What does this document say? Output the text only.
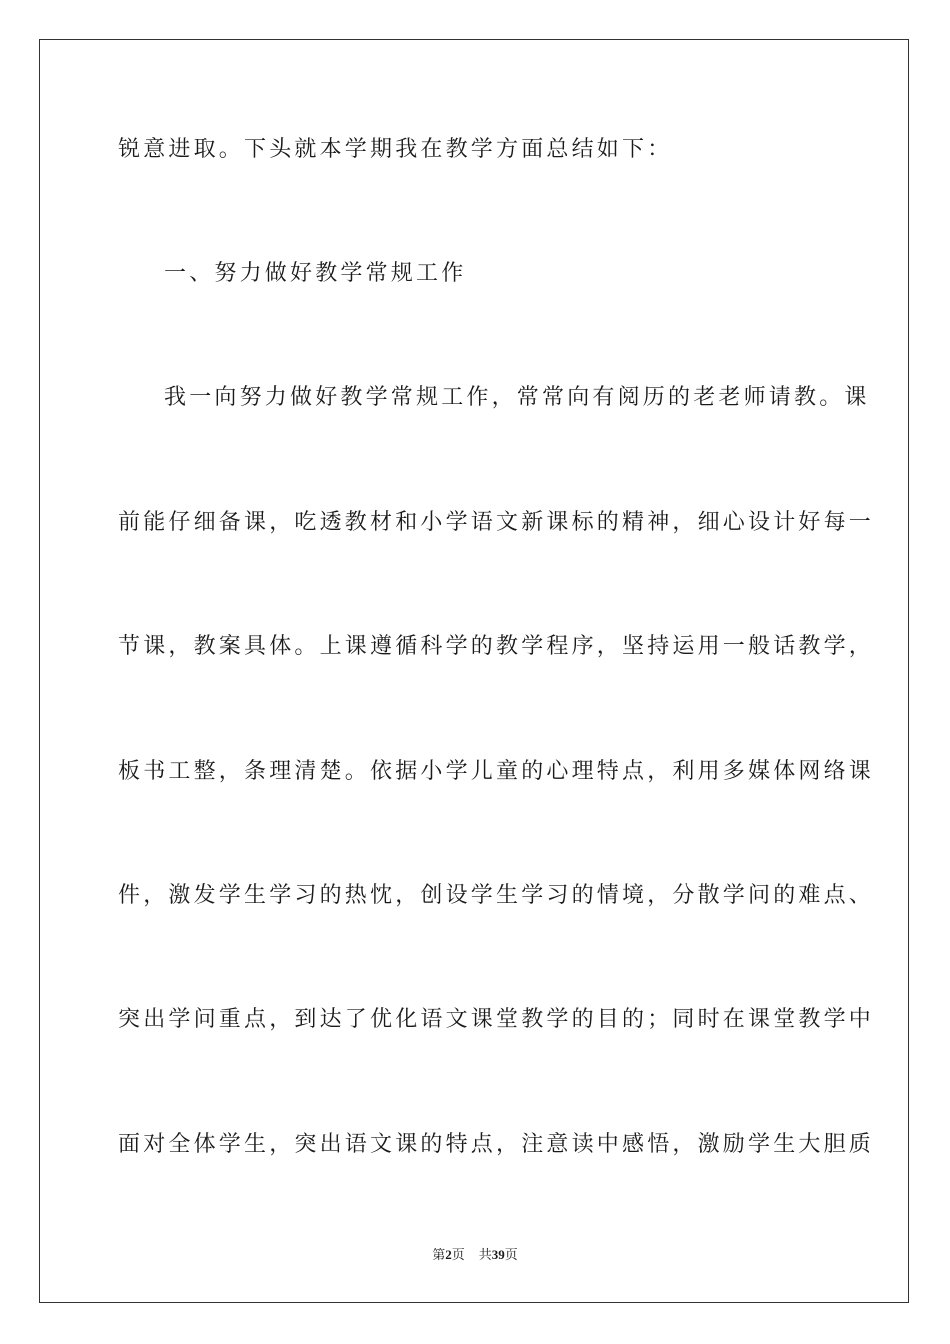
锐意进取。下头就本学期我在教学方面总结如下：
一、努力做好教学常规工作
我一向努力做好教学常规工作，常常向有阅历的老老师请教。课
前能仔细备课，吃透教材和小学语文新课标的精神，细心设计好每一
节课，教案具体。上课遵循科学的教学程序，坚持运用一般话教学，
板书工整，条理清楚。依据小学儿童的心理特点，利用多媒体网络课
件，激发学生学习的热忱，创设学生学习的情境，分散学问的难点、
突出学问重点，到达了优化语文课堂教学的目的；同时在课堂教学中
面对全体学生，突出语文课的特点，注意读中感悟，激励学生大胆质
第2页 共39页
